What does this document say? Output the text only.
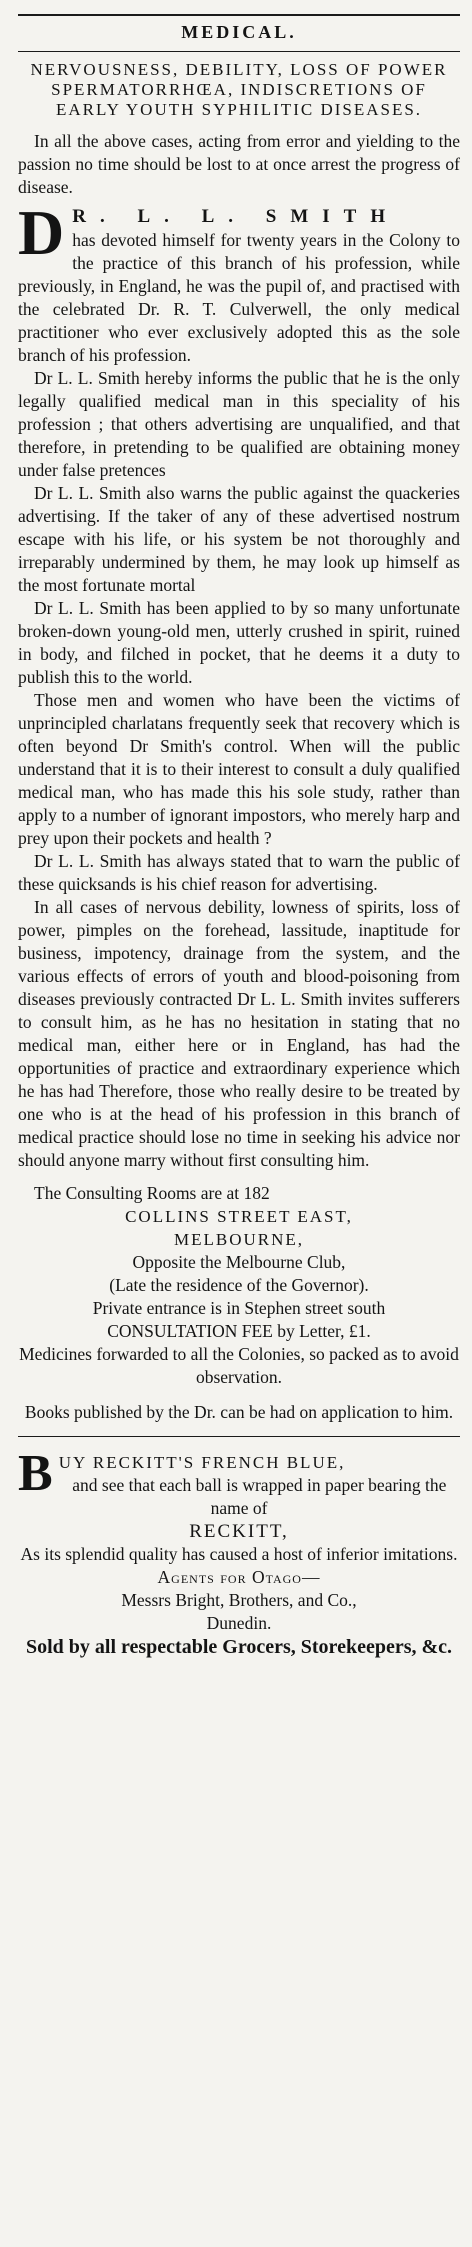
MEDICAL.
NERVOUSNESS, DEBILITY, LOSS OF POWER SPERMATORRHŒA, INDISCRETIONS OF EARLY YOUTH SYPHILITIC DISEASES.

In all the above cases, acting from error and yielding to the passion no time should be lost to at once arrest the progress of disease.

D R. L. L. SMITH

has devoted himself for twenty years in the Colony to the practice of this branch of his profession, while previously, in England, he was the pupil of, and practised with the celebrated Dr. R. T. Culverwell, the only medical practitioner who ever exclusively adopted this as the sole branch of his profession.

Dr L. L. Smith hereby informs the public that he is the only legally qualified medical man in this speciality of his profession ; that others advertising are unqualified, and that therefore, in pretending to be qualified are obtaining money under false pretences

Dr L. L. Smith also warns the public against the quackeries advertising. If the taker of any of these advertised nostrum escape with his life, or his system be not thoroughly and irreparably undermined by them, he may look up himself as the most fortunate mortal

Dr L. L. Smith has been applied to by so many unfortunate broken-down young-old men, utterly crushed in spirit, ruined in body, and filched in pocket, that he deems it a duty to publish this to the world.

Those men and women who have been the victims of unprincipled charlatans frequently seek that recovery which is often beyond Dr Smith's control. When will the public understand that it is to their interest to consult a duly qualified medical man, who has made this his sole study, rather than apply to a number of ignorant impostors, who merely harp and prey upon their pockets and health ?

Dr L. L. Smith has always stated that to warn the public of these quicksands is his chief reason for advertising.

In all cases of nervous debility, lowness of spirits, loss of power, pimples on the forehead, lassitude, inaptitude for business, impotency, drainage from the system, and the various effects of errors of youth and blood-poisoning from diseases previously contracted Dr L. L. Smith invites sufferers to consult him, as he has no hesitation in stating that no medical man, either here or in England, has had the opportunities of practice and extraordinary experience which he has had Therefore, those who really desire to be treated by one who is at the head of his profession in this branch of medical practice should lose no time in seeking his advice nor should anyone marry without first consulting him.

The Consulting Rooms are at 182

COLLINS STREET EAST,
MELBOURNE,
Opposite the Melbourne Club,
(Late the residence of the Governor).
Private entrance is in Stephen street south
CONSULTATION FEE by Letter, £1.
Medicines forwarded to all the Colonies, so packed as to avoid observation.
Books published by the Dr. can be had on application to him.
B UY RECKITT'S FRENCH BLUE,
and see that each ball is wrapped in paper bearing the name of
RECKITT,
As its splendid quality has caused a host of inferior imitations.
Agents for Otago—
Messrs Bright, Brothers, and Co.,
Dunedin.
Sold by all respectable Grocers, Storekeepers, &c.
